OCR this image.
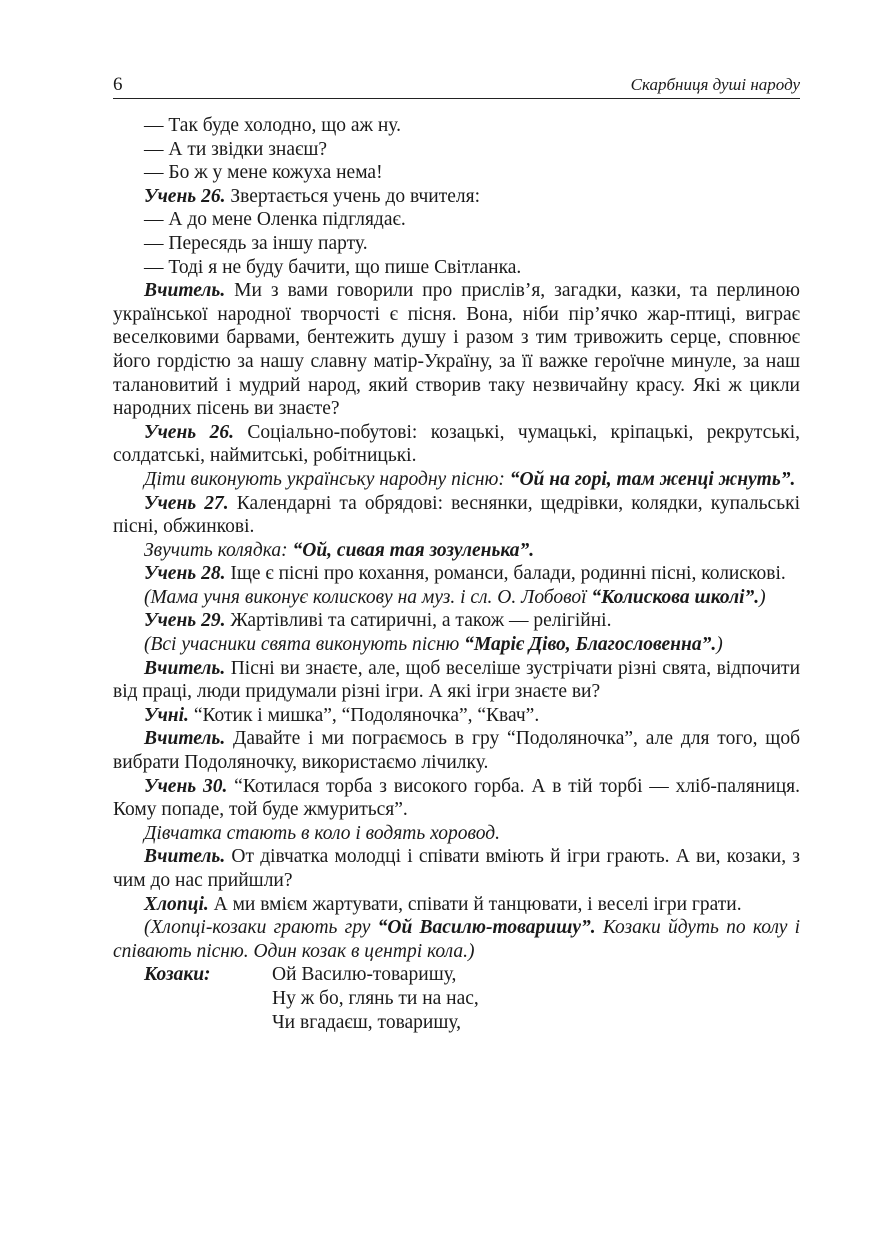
6	Скарбниця душі народу

— Так буде холодно, що аж ну.

— А ти звідки знаєш?

— Бо ж у мене кожуха нема!

Учень 26. Звертається учень до вчителя:

— А до мене Оленка підглядає.

— Пересядь за іншу парту.

— Тоді я не буду бачити, що пише Світланка.

Вчитель. Ми з вами говорили про прислів’я, загадки, казки, та перлиною української народної творчості є пісня. Вона, ніби пір’ячко жар-птиці, виграє веселковими барвами, бентежить душу і разом з тим тривожить серце, сповнює його гордістю за нашу славну матір-Україну, за її важке героїчне минуле, за наш талановитий і мудрий народ, який створив таку незвичайну красу. Які ж цикли народних пісень ви знаєте?

Учень 26. Соціально-побутові: козацькі, чумацькі, кріпацькі, рекрутські, солдатські, наймитські, робітницькі.

Діти виконують українську народну пісню: “Ой на горі, там женці жнуть”.

Учень 27. Календарні та обрядові: веснянки, щедрівки, колядки, купальські пісні, обжинкові.

Звучить колядка: “Ой, сивая тая зозуленька”.

Учень 28. Іще є пісні про кохання, романси, балади, родинні пісні, колискові.

(Мама учня виконує колискову на муз. і сл. О. Лобової “Колискова школі”.)

Учень 29. Жартівливі та сатиричні, а також — релігійні.

(Всі учасники свята виконують пісню “Марiє Діво, Благословенна”.)

Вчитель. Пісні ви знаєте, але, щоб веселіше зустрічати різні свята, відпочити від праці, люди придумали різні ігри. А які ігри знаєте ви?

Учні. “Котик і мишка”, “Подоляночка”, “Квач”.

Вчитель. Давайте і ми пограємось в гру “Подоляночка”, але для того, щоб вибрати Подоляночку, використаємо лічилку.

Учень 30. “Котилася торба з високого горба. А в тій торбі — хліб-паляниця. Кому попаде, той буде жмуриться”.

Дівчатка стають в коло і водять хоровод.

Вчитель. От дівчатка молодці і співати вміють й ігри грають. А ви, козаки, з чим до нас прийшли?

Хлопці. А ми вмієм жартувати, співати й танцювати, і веселі ігри грати.

(Хлопці-козаки грають гру “Ой Василю-товаришу”. Козаки йдуть по колу і співають пісню. Один козак в центрі кола.)

Козаки:	Ой Василю-товаришу,
Ну ж бо, глянь ти на нас,
Чи вгадаєш, товаришу,
